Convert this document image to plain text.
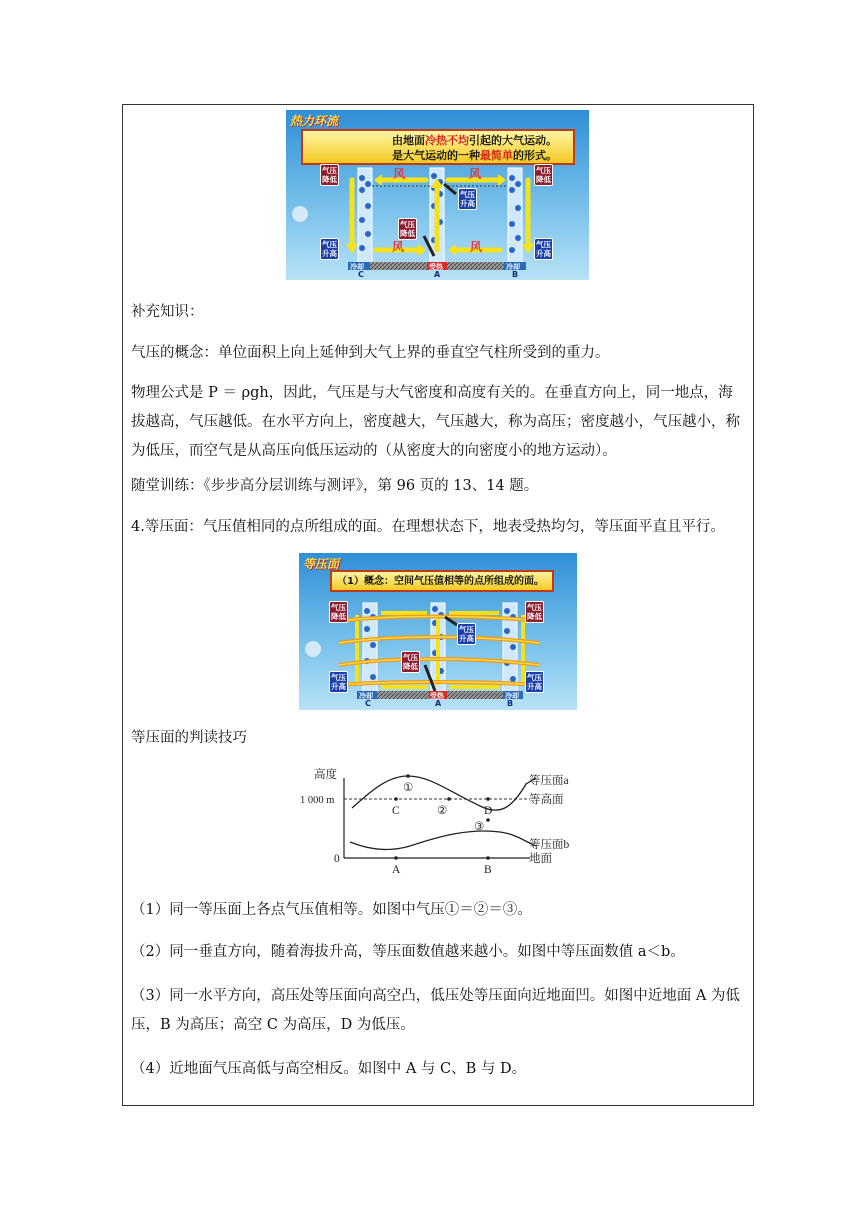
热力环流
由地面冷热不均引起的大气运动。
是大气运动的一种最简单的形式。
风	风
风	风
气压
降低
气压
降低
气压
升高
气压
降低
气压
升高
气压
升高
冷却	受热	冷却
C	A	B
补充知识：
气压的概念：单位面积上向上延伸到大气上界的垂直空气柱所受到的重力。
物理公式是 P ＝ ρgh，因此，气压是与大气密度和高度有关的。在垂直方向上，同一地点，海拔越高，气压越低。在水平方向上，密度越大，气压越大，称为高压；密度越小，气压越小，称为低压，而空气是从高压向低压运动的（从密度大的向密度小的地方运动）。
随堂训练：《步步高分层训练与测评》，第 96 页的 13、14 题。
4.等压面：气压值相同的点所组成的面。在理想状态下，地表受热均匀，等压面平直且平行。
等压面
（1）概念：空间气压值相等的点所组成的面。
气压
降低
气压
降低
气压
升高
气压
降低
气压
升高
气压
升高
冷却	受热	冷却
C	A	B
等压面的判读技巧
高度
1 000 m
0
①
②
③
C	D
A	B
等压面a
等高面
等压面b
地面
（1）同一等压面上各点气压值相等。如图中气压①＝②＝③。
（2）同一垂直方向，随着海拔升高，等压面数值越来越小。如图中等压面数值 a＜b。
（3）同一水平方向，高压处等压面向高空凸，低压处等压面向近地面凹。如图中近地面 A 为低压，B 为高压；高空 C 为高压，D 为低压。
（4）近地面气压高低与高空相反。如图中 A 与 C、B 与 D。
